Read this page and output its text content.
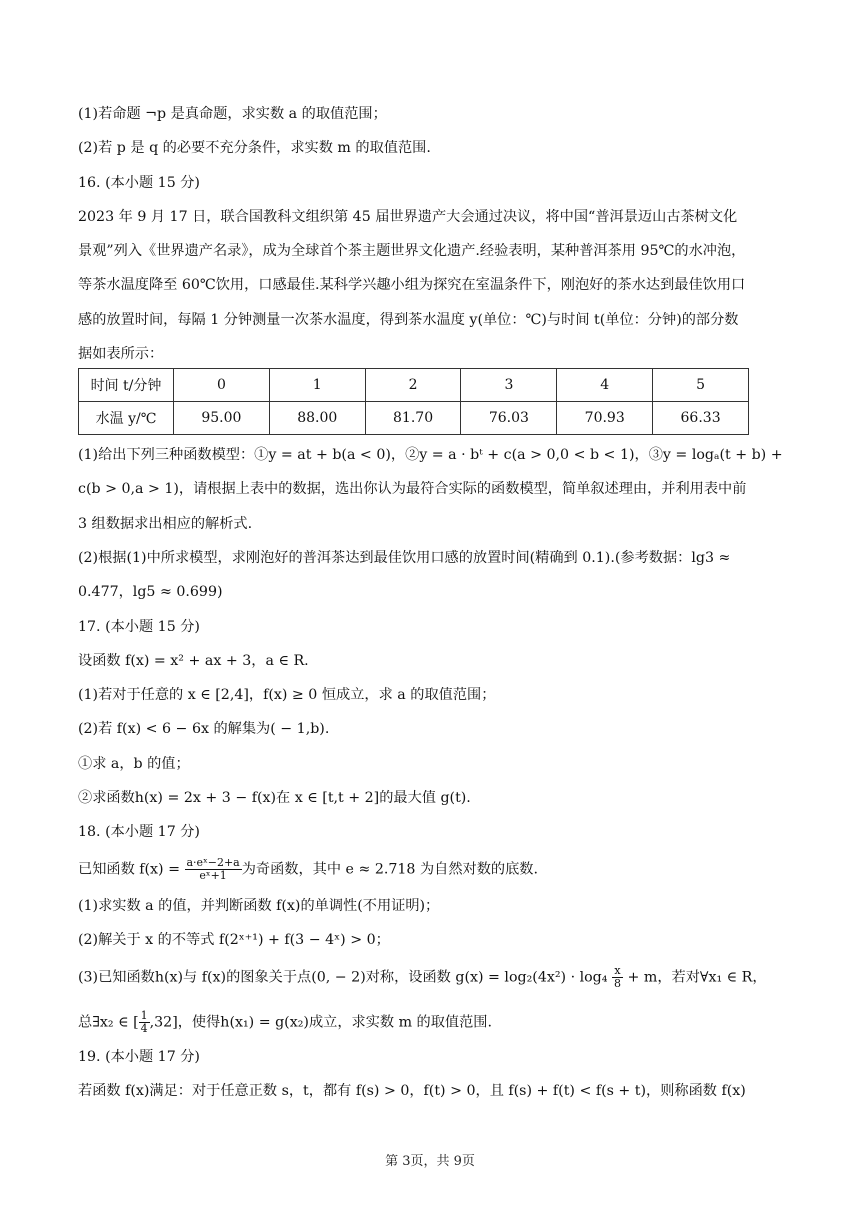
(1)若命题 ¬p 是真命题，求实数 a 的取值范围；

(2)若 p 是 q 的必要不充分条件，求实数 m 的取值范围.

16. (本小题 15 分)

2023 年 9 月 17 日，联合国教科文组织第 45 届世界遗产大会通过决议，将中国“普洱景迈山古茶树文化

景观”列入《世界遗产名录》，成为全球首个茶主题世界文化遗产.经验表明，某种普洱茶用 95℃的水冲泡，

等茶水温度降至 60℃饮用，口感最佳.某科学兴趣小组为探究在室温条件下，刚泡好的茶水达到最佳饮用口

感的放置时间，每隔 1 分钟测量一次茶水温度，得到茶水温度 y(单位：℃)与时间 t(单位：分钟)的部分数

据如表所示：

时间 t/分钟	0	1	2	3	4	5
水温 y/℃	95.00	88.00	81.70	76.03	70.93	66.33

(1)给出下列三种函数模型：①y = at + b(a < 0)，②y = a · bᵗ + c(a > 0,0 < b < 1)，③y = logₐ(t + b) +

c(b > 0,a > 1)，请根据上表中的数据，选出你认为最符合实际的函数模型，简单叙述理由，并利用表中前

3 组数据求出相应的解析式.

(2)根据(1)中所求模型，求刚泡好的普洱茶达到最佳饮用口感的放置时间(精确到 0.1).(参考数据：lg3 ≈

0.477，lg5 ≈ 0.699)

17. (本小题 15 分)

设函数 f(x) = x² + ax + 3，a ∈ R.

(1)若对于任意的 x ∈ [2,4]，f(x) ≥ 0 恒成立，求 a 的取值范围；

(2)若 f(x) < 6 − 6x 的解集为( − 1,b).

①求 a，b 的值；

②求函数h(x) = 2x + 3 − f(x)在 x ∈ [t,t + 2]的最大值 g(t).

18. (本小题 17 分)

已知函数 $f(x) = \frac{\text{a·eˣ−2+a}}{\text{eˣ+1}}$ 为奇函数，其中 e ≈ 2.718 为自然对数的底数.

(1)求实数 a 的值，并判断函数 f(x)的单调性(不用证明)；

(2)解关于 x 的不等式 f(2ˣ⁺¹) + f(3 − 4ˣ) > 0；

(3)已知函数h(x)与 f(x)的图象关于点(0, − 2)对称，设函数 $g(x) = \log_2(4x^2) \cdot \log_4 \frac{x}{8} + m$，若对∀x₁ ∈ R，

总∃x₂ ∈ [ $\frac{1}{4} ,32$]，使得h(x₁) = g(x₂)成立，求实数 m 的取值范围.

19. (本小题 17 分)

若函数 f(x)满足：对于任意正数 s，t，都有 f(s) > 0，f(t) > 0，且 f(s) + f(t) < f(s + t)，则称函数 f(x)

第 3页，共 9页
